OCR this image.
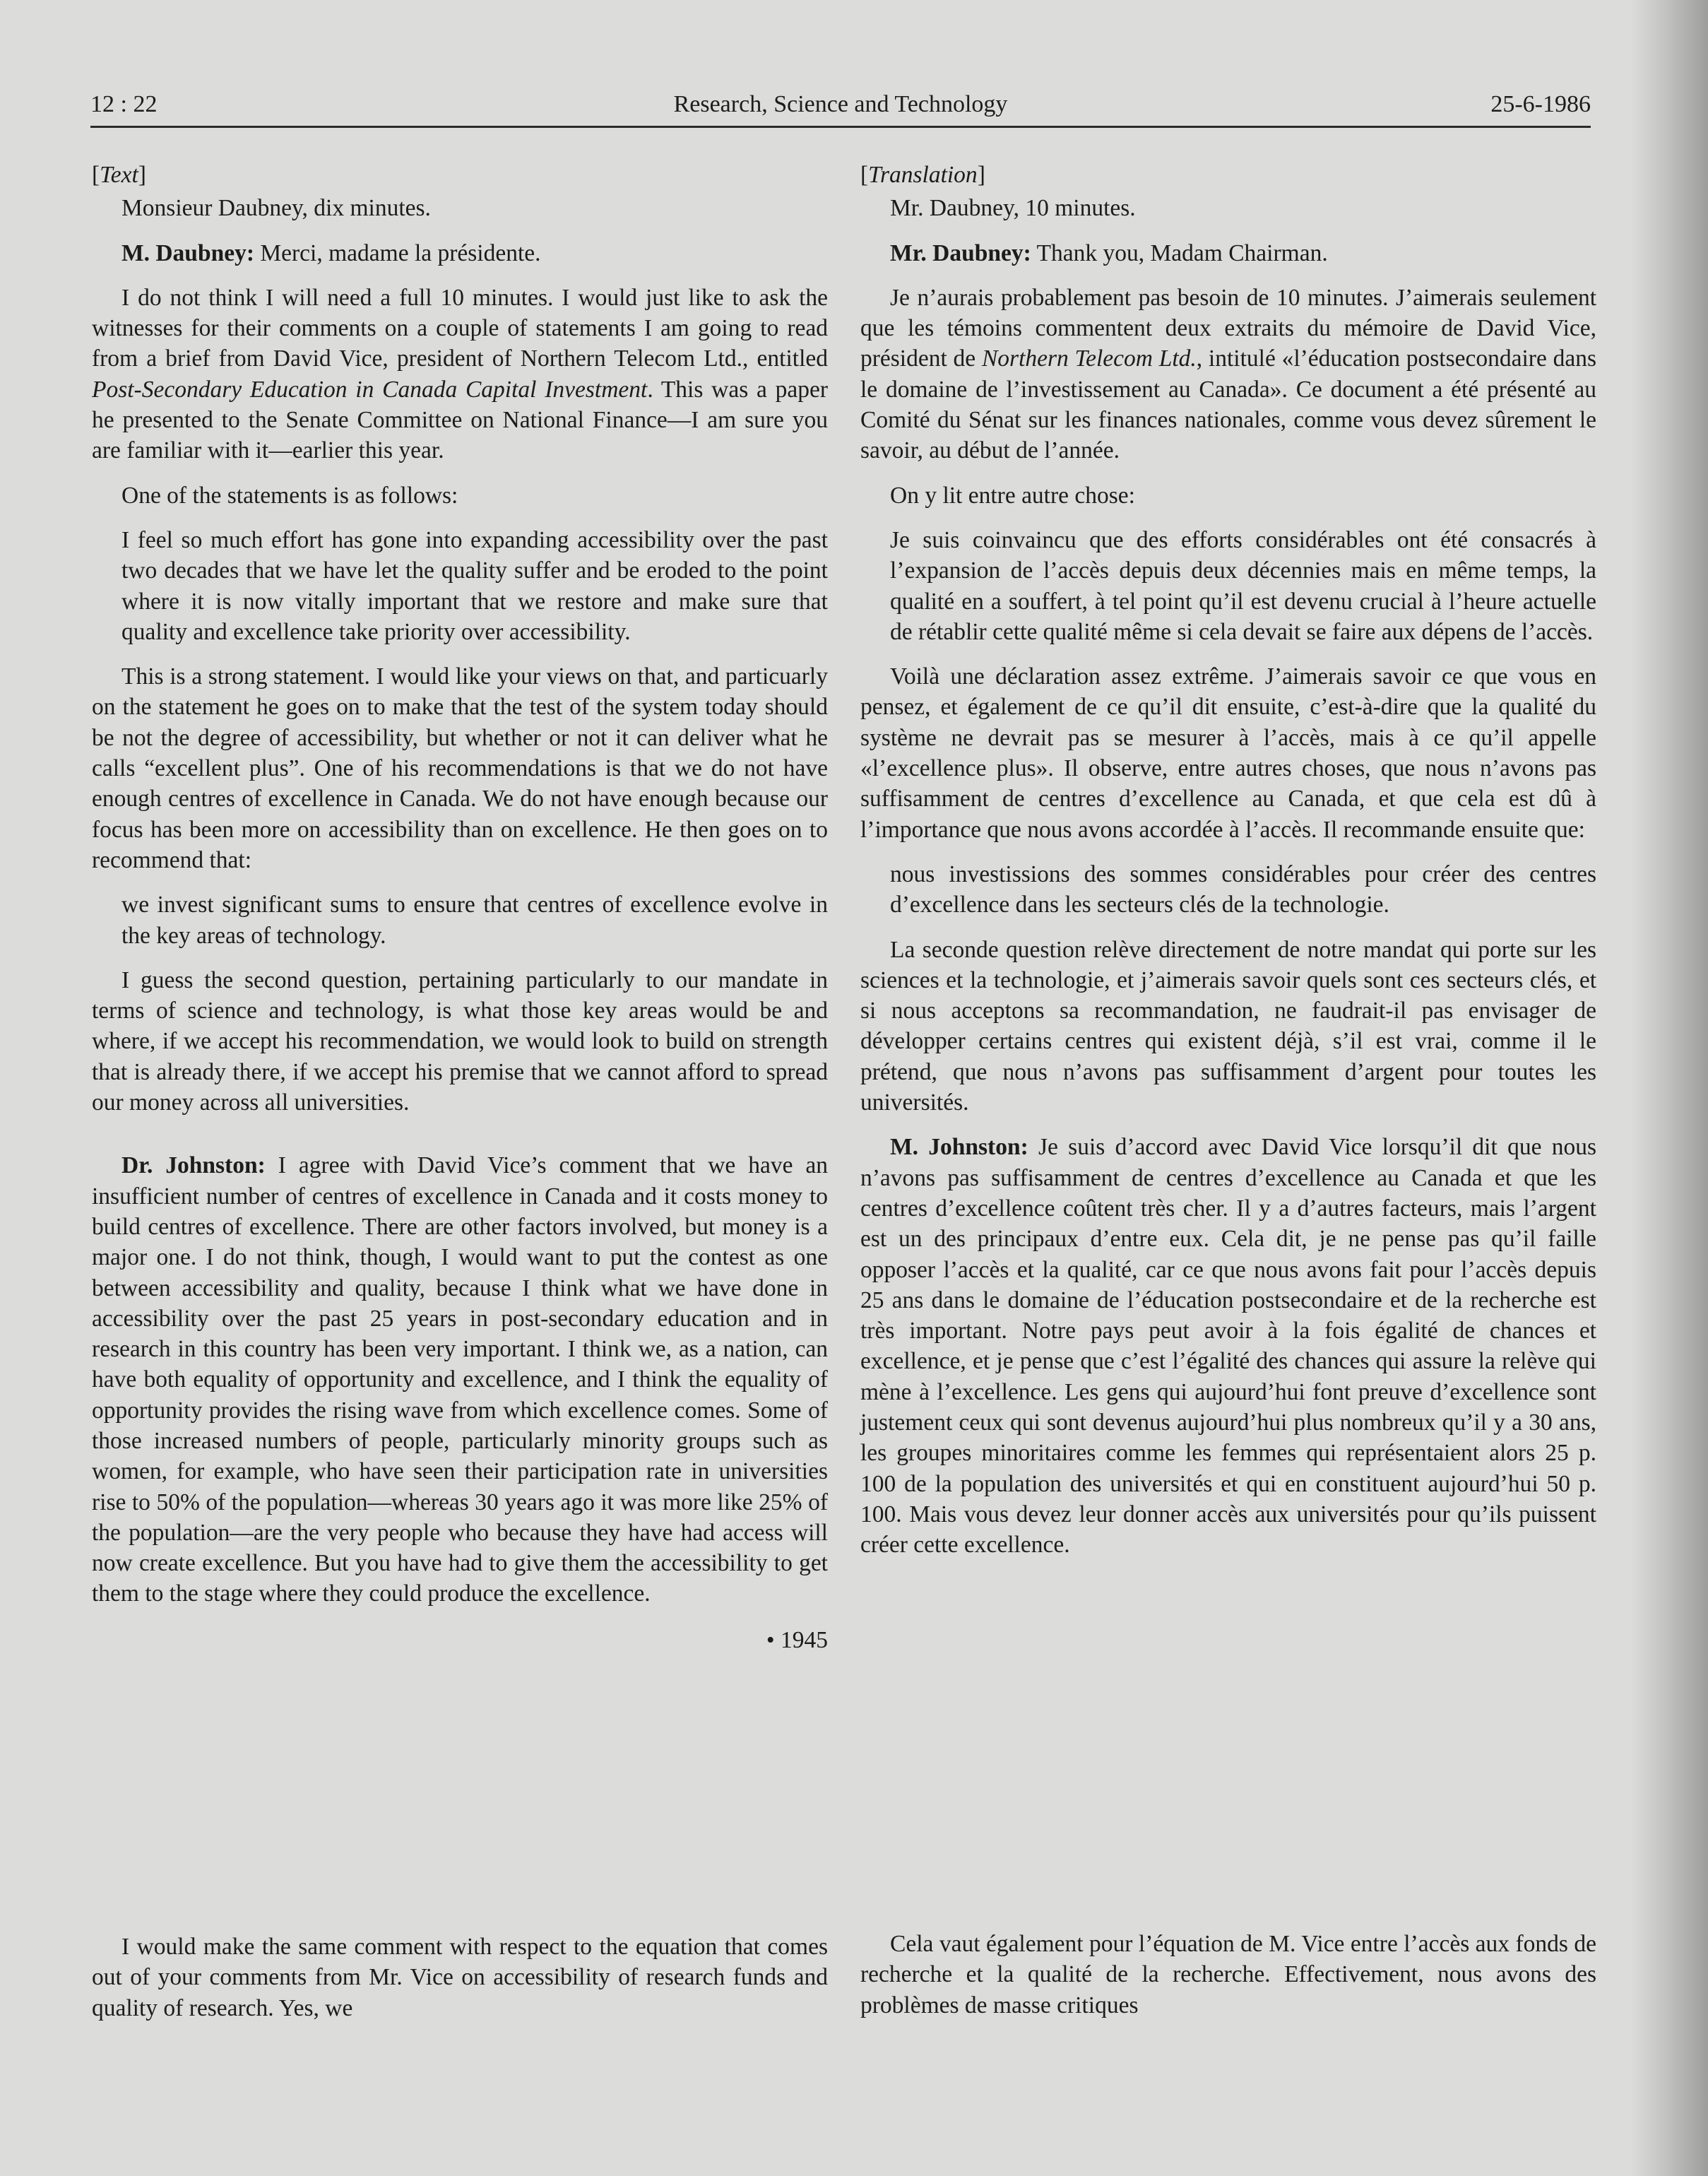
12 : 22	Research, Science and Technology	25-6-1986

[Text]

Monsieur Daubney, dix minutes.

M. Daubney: Merci, madame la présidente.

I do not think I will need a full 10 minutes. I would just like to ask the witnesses for their comments on a couple of statements I am going to read from a brief from David Vice, president of Northern Telecom Ltd., entitled Post-Secondary Education in Canada Capital Investment. This was a paper he presented to the Senate Committee on National Finance—I am sure you are familiar with it—earlier this year.

One of the statements is as follows:

I feel so much effort has gone into expanding accessibility over the past two decades that we have let the quality suffer and be eroded to the point where it is now vitally important that we restore and make sure that quality and excellence take priority over accessibility.

This is a strong statement. I would like your views on that, and particuarly on the statement he goes on to make that the test of the system today should be not the degree of accessibility, but whether or not it can deliver what he calls “excellent plus”. One of his recommendations is that we do not have enough centres of excellence in Canada. We do not have enough because our focus has been more on accessibility than on excellence. He then goes on to recommend that:

we invest significant sums to ensure that centres of excellence evolve in the key areas of technology.

I guess the second question, pertaining particularly to our mandate in terms of science and technology, is what those key areas would be and where, if we accept his recommendation, we would look to build on strength that is already there, if we accept his premise that we cannot afford to spread our money across all universities.

Dr. Johnston: I agree with David Vice’s comment that we have an insufficient number of centres of excellence in Canada and it costs money to build centres of excellence. There are other factors involved, but money is a major one. I do not think, though, I would want to put the contest as one between accessibility and quality, because I think what we have done in accessibility over the past 25 years in post-secondary education and in research in this country has been very important. I think we, as a nation, can have both equality of opportunity and excellence, and I think the equality of opportunity provides the rising wave from which excellence comes. Some of those increased numbers of people, particularly minority groups such as women, for example, who have seen their participation rate in universities rise to 50% of the population—whereas 30 years ago it was more like 25% of the population—are the very people who because they have had access will now create excellence. But you have had to give them the accessibility to get them to the stage where they could produce the excellence.

• 1945

I would make the same comment with respect to the equation that comes out of your comments from Mr. Vice on accessibility of research funds and quality of research. Yes, we

[Translation]

Mr. Daubney, 10 minutes.

Mr. Daubney: Thank you, Madam Chairman.

Je n’aurais probablement pas besoin de 10 minutes. J’aimerais seulement que les témoins commentent deux extraits du mémoire de David Vice, président de Northern Telecom Ltd., intitulé «l’éducation postsecondaire dans le domaine de l’investissement au Canada». Ce document a été présenté au Comité du Sénat sur les finances nationales, comme vous devez sûrement le savoir, au début de l’année.

On y lit entre autre chose:

Je suis coinvaincu que des efforts considérables ont été consacrés à l’expansion de l’accès depuis deux décennies mais en même temps, la qualité en a souffert, à tel point qu’il est devenu crucial à l’heure actuelle de rétablir cette qualité même si cela devait se faire aux dépens de l’accès.

Voilà une déclaration assez extrême. J’aimerais savoir ce que vous en pensez, et également de ce qu’il dit ensuite, c’est-à-dire que la qualité du système ne devrait pas se mesurer à l’accès, mais à ce qu’il appelle «l’excellence plus». Il observe, entre autres choses, que nous n’avons pas suffisamment de centres d’excellence au Canada, et que cela est dû à l’importance que nous avons accordée à l’accès. Il recommande ensuite que:

nous investissions des sommes considérables pour créer des centres d’excellence dans les secteurs clés de la technologie.

La seconde question relève directement de notre mandat qui porte sur les sciences et la technologie, et j’aimerais savoir quels sont ces secteurs clés, et si nous acceptons sa recommandation, ne faudrait-il pas envisager de développer certains centres qui existent déjà, s’il est vrai, comme il le prétend, que nous n’avons pas suffisamment d’argent pour toutes les universités.

M. Johnston: Je suis d’accord avec David Vice lorsqu’il dit que nous n’avons pas suffisamment de centres d’excellence au Canada et que les centres d’excellence coûtent très cher. Il y a d’autres facteurs, mais l’argent est un des principaux d’entre eux. Cela dit, je ne pense pas qu’il faille opposer l’accès et la qualité, car ce que nous avons fait pour l’accès depuis 25 ans dans le domaine de l’éducation postsecondaire et de la recherche est très important. Notre pays peut avoir à la fois égalité de chances et excellence, et je pense que c’est l’égalité des chances qui assure la relève qui mène à l’excellence. Les gens qui aujourd’hui font preuve d’excellence sont justement ceux qui sont devenus aujourd’hui plus nombreux qu’il y a 30 ans, les groupes minoritaires comme les femmes qui représentaient alors 25 p. 100 de la population des universités et qui en constituent aujourd’hui 50 p. 100. Mais vous devez leur donner accès aux universités pour qu’ils puissent créer cette excellence.

Cela vaut également pour l’équation de M. Vice entre l’accès aux fonds de recherche et la qualité de la recherche. Effectivement, nous avons des problèmes de masse critiques
